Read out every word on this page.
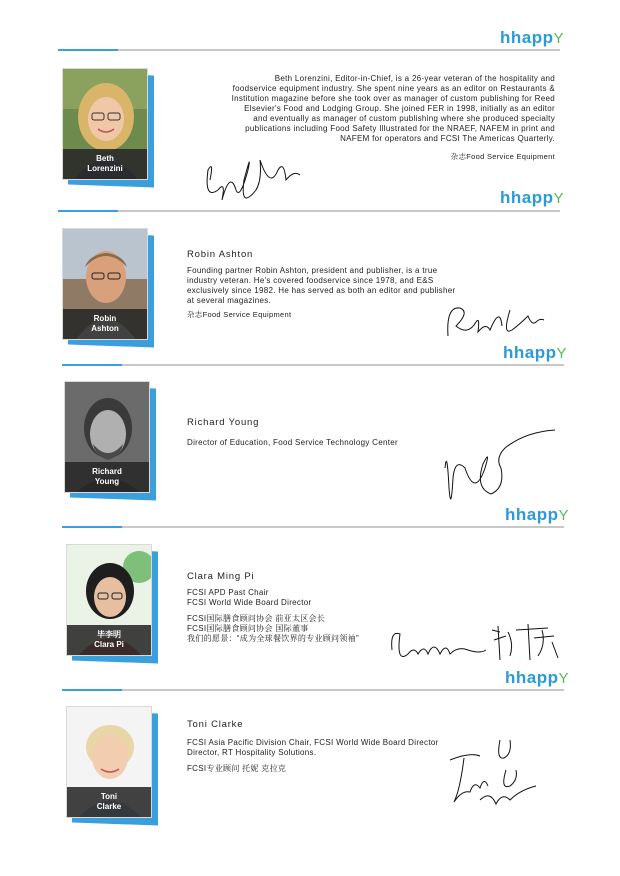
hhappY
Beth
Lorenzini
Beth Lorenzini, Editor-in-Chief, is a 26-year veteran of the hospitality and
foodservice equipment industry. She spent nine years as an editor on Restaurants &
Institution magazine before she took over as manager of custom publishing for Reed
Elsevier's Food and Lodging Group. She joined FER in 1998, initially as an editor
and eventually as manager of custom publishing where she produced specialty
publications including Food Safety Illustrated for the NRAEF, NAFEM in print and
NAFEM for operators and FCSI The Americas Quarterly.
杂志Food Service Equipment
hhappY
Robin
Ashton
Robin Ashton
Founding partner Robin Ashton, president and publisher, is a true
industry veteran. He's covered foodservice since 1978, and E&S
exclusively since 1982. He has served as both an editor and publisher
at several magazines.
杂志Food Service Equipment
hhappY
Richard
Young
Richard Young
Director of Education, Food Service Technology Center
hhappY
毕李明
Clara Pi
Clara Ming Pi
FCSI APD Past Chair
FCSI World Wide Board Director
FCSI国际膳食顾问协会 前亚太区会长
FCSI国际膳食顾问协会 国际董事
我们的愿景：“成为全球餐饮界的专业顾问领袖”
hhappY
Toni
Clarke
Toni Clarke
FCSI Asia Pacific Division Chair, FCSI World Wide Board Director
Director, RT Hospitality Solutions.
FCSI专业顾问 托妮 克拉克
